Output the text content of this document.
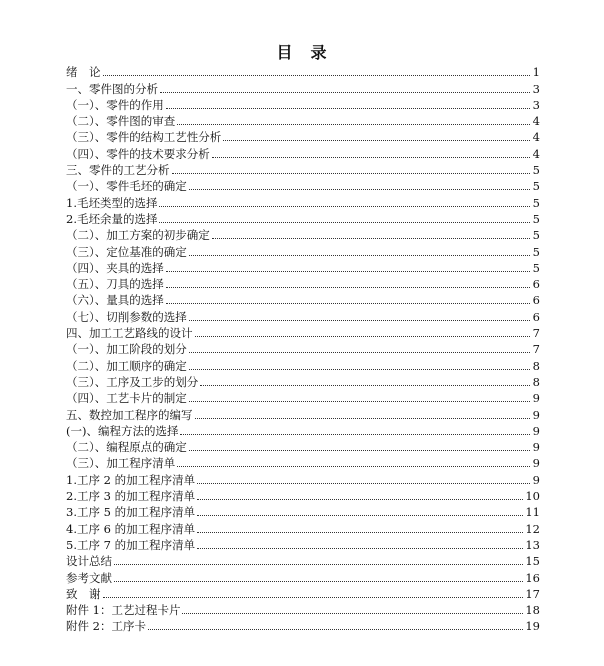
目　录
绪　论	1
一、零件图的分析	3
（一）、零件的作用	3
（二）、零件图的审查	4
（三）、零件的结构工艺性分析	4
（四）、零件的技术要求分析	4
三、零件的工艺分析	5
（一）、零件毛坯的确定	5
1.毛坯类型的选择	5
2.毛坯余量的选择	5
（二）、加工方案的初步确定	5
（三）、定位基准的确定	5
（四）、夹具的选择	5
（五）、刀具的选择	6
（六）、量具的选择	6
（七）、切削参数的选择	6
四、加工工艺路线的设计	7
（一）、加工阶段的划分	7
（二）、加工顺序的确定	8
（三）、工序及工步的划分	8
（四）、工艺卡片的制定	9
五、数控加工程序的编写	9
(一)、编程方法的选择	9
（二）、编程原点的确定	9
（三）、加工程序清单	9
1.工序 2 的加工程序清单	9
2.工序 3 的加工程序清单	10
3.工序 5 的加工程序清单	11
4.工序 6 的加工程序清单	12
5.工序 7 的加工程序清单	13
设计总结	15
参考文献	16
致　谢	17
附件 1：工艺过程卡片	18
附件 2：工序卡	19
